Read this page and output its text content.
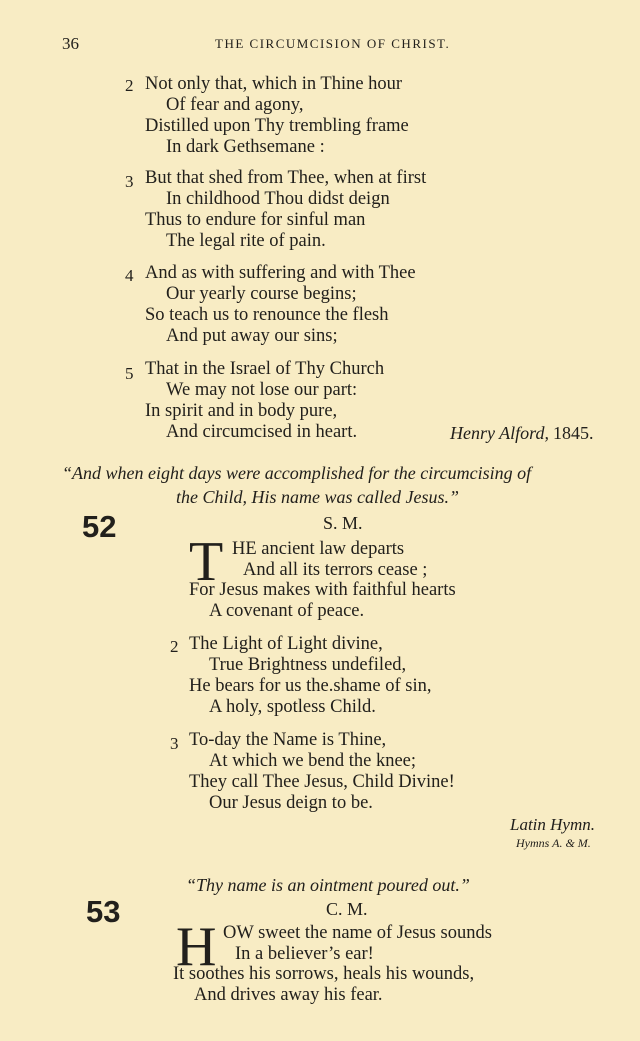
36	THE CIRCUMCISION OF CHRIST.
2 Not only that, which in Thine hour
Of fear and agony,
Distilled upon Thy trembling frame
In dark Gethsemane :
3 But that shed from Thee, when at first
In childhood Thou didst deign
Thus to endure for sinful man
The legal rite of pain.
4 And as with suffering and with Thee
Our yearly course begins;
So teach us to renounce the flesh
And put away our sins;
5 That in the Israel of Thy Church
We may not lose our part:
In spirit and in body pure,
And circumcised in heart.	Henry Alford, 1845.
“And when eight days were accomplished for the circumcising of
the Child, His name was called Jesus.”
52	S. M.
T HE ancient law departs
And all its terrors cease ;
For Jesus makes with faithful hearts
A covenant of peace.
2 The Light of Light divine,
True Brightness undefiled,
He bears for us the.shame of sin,
A holy, spotless Child.
3 To-day the Name is Thine,
At which we bend the knee;
They call Thee Jesus, Child Divine!
Our Jesus deign to be.
Latin Hymn.
Hymns A. & M.
“Thy name is an ointment poured out.”
53	C. M.
H OW sweet the name of Jesus sounds
In a believer’s ear!
It soothes his sorrows, heals his wounds,
And drives away his fear.
